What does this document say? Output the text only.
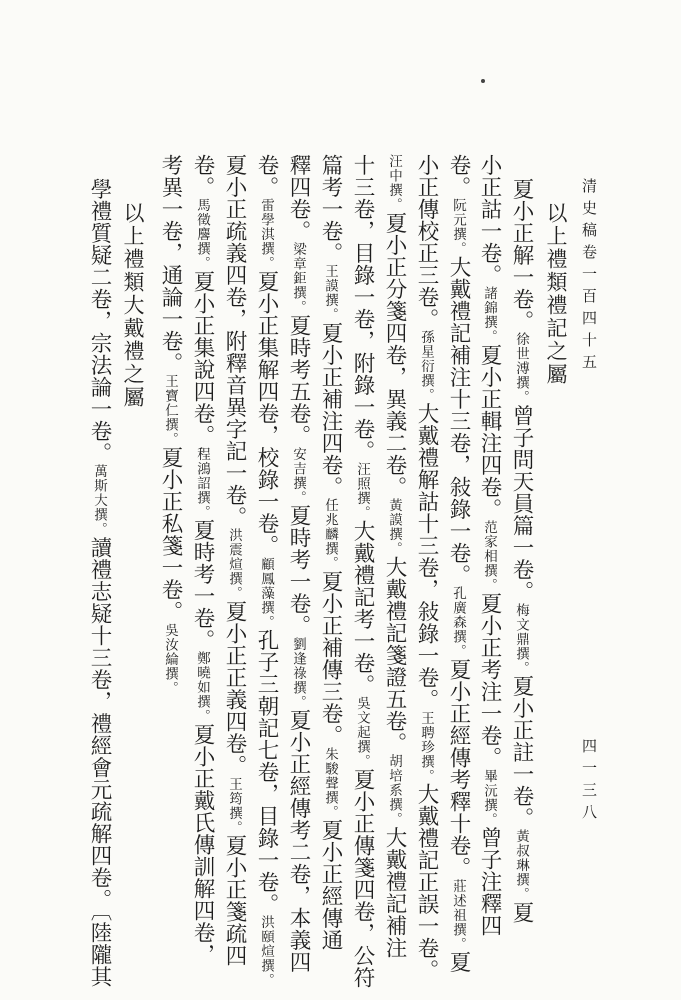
清史稿卷一百四十五
四一三八
以上禮類禮記之屬
夏小正解一卷。徐世溥撰。曾子問天員篇一卷。梅文鼎撰。夏小正註一卷。黃叔琳撰。夏
小正詁一卷。諸錦撰。夏小正輯注四卷。范家相撰。夏小正考注一卷。畢沅撰。曾子注釋四
卷。阮元撰。大戴禮記補注十三卷，敍錄一卷。孔廣森撰。夏小正經傳考釋十卷。莊述祖撰。夏
小正傳校正三卷。孫星衍撰。大戴禮解詁十三卷，敍錄一卷。王聘珍撰。大戴禮記正誤一卷。
汪中撰。夏小正分箋四卷，異義二卷。黃謨撰。大戴禮記箋證五卷。胡培系撰。大戴禮記補注
十三卷，目錄一卷，附錄一卷。汪照撰。大戴禮記考一卷。吳文起撰。夏小正傳箋四卷，公符
篇考一卷。王謨撰。夏小正補注四卷。任兆麟撰。夏小正補傳三卷。朱駿聲撰。夏小正經傳通
釋四卷。梁章鉅撰。夏時考五卷。安吉撰。夏時考一卷。劉逢祿撰。夏小正經傳考二卷，本義四
卷。雷學淇撰。夏小正集解四卷，校錄一卷。顧鳳藻撰。孔子三朝記七卷，目錄一卷。洪頤煊撰。
夏小正疏義四卷，附釋音異字記一卷。洪震煊撰。夏小正正義四卷。王筠撰。夏小正箋疏四
卷。馬徵麐撰。夏小正集說四卷。程鴻詔撰。夏時考一卷。鄭曉如撰。夏小正戴氏傳訓解四卷，
考異一卷，通論一卷。王寶仁撰。夏小正私箋一卷。吳汝綸撰。
以上禮類大戴禮之屬
學禮質疑二卷，宗法論一卷。萬斯大撰。讀禮志疑十三卷，禮經會元疏解四卷。〔陸隴其
